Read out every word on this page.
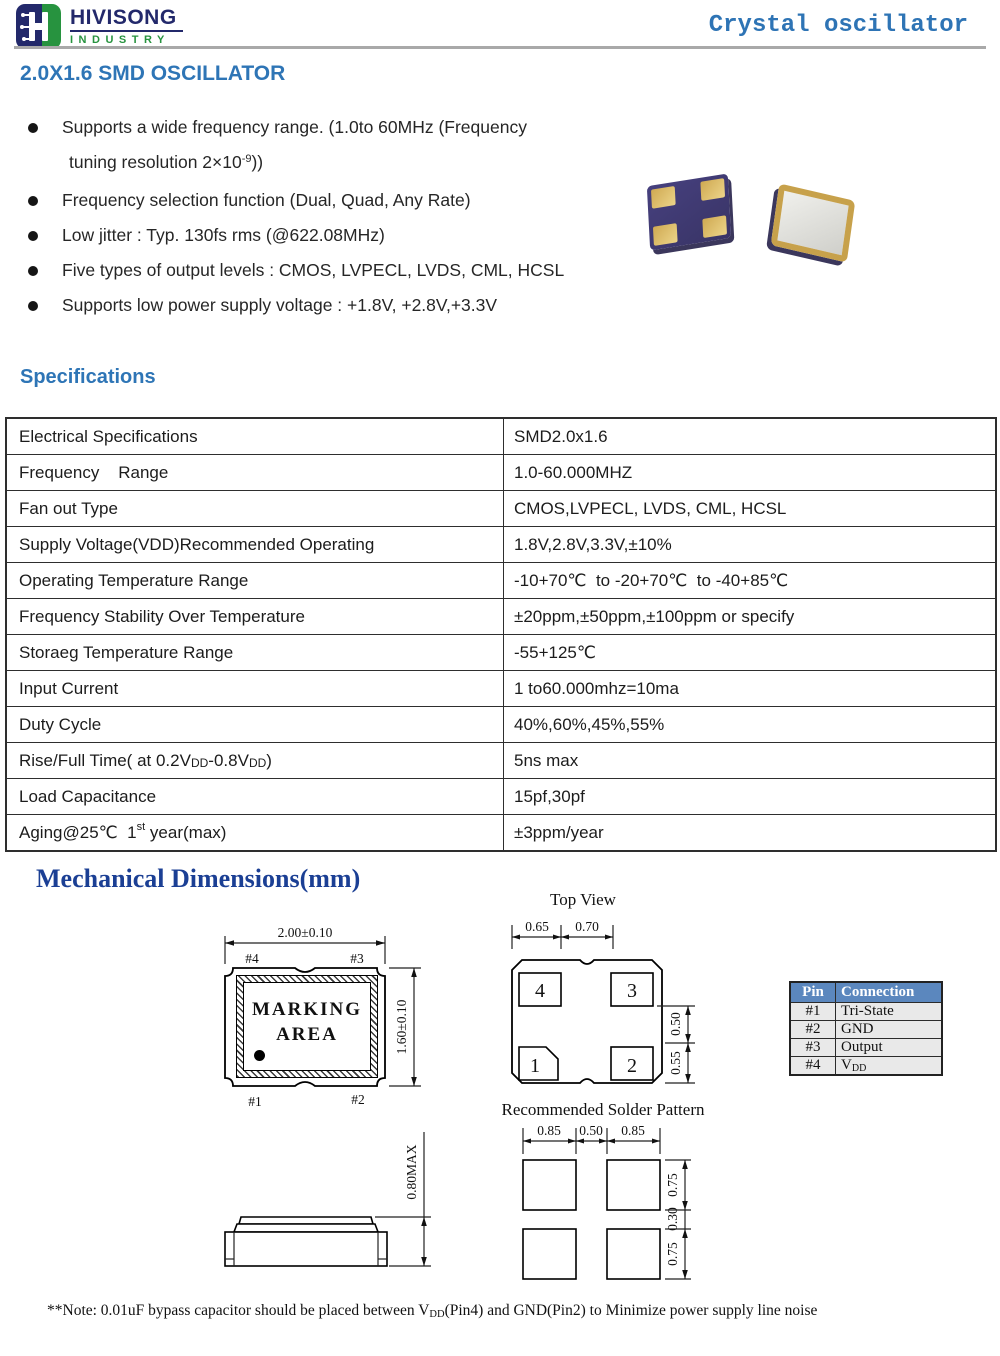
HIVISONG
INDUSTRY
Crystal oscillator
2.0X1.6 SMD OSCILLATOR
Supports a wide frequency range. (1.0to 60MHz (Frequency
tuning resolution $2\times 10^{-9}$))
Frequency selection function (Dual, Quad, Any Rate)
Low jitter : Typ. 130fs rms (@622.08MHz)
Five types of output levels : CMOS, LVPECL, LVDS, CML, HCSL
Supports low power supply voltage : +1.8V, +2.8V,+3.3V
Specifications
Electrical Specifications	SMD2.0x1.6
Frequency    Range	1.0-60.000MHZ
Fan out Type	CMOS,LVPECL, LVDS, CML, HCSL
Supply Voltage(VDD)Recommended Operating	1.8V,2.8V,3.3V,±10%
Operating Temperature Range	-10+70℃  to -20+70℃  to -40+85℃
Frequency Stability Over Temperature	±20ppm,±50ppm,±100ppm or specify
Storaeg Temperature Range	-55+125℃
Input Current	1 to60.000mhz=10ma
Duty Cycle	40%,60%,45%,55%
Rise/Full Time( at 0.2V DD -0.8V DD )	5ns max
Load Capacitance	15pf,30pf
Aging@25℃  1 st year(max)	±3ppm/year
Mechanical Dimensions(mm)
2.00±0.10
#4	#3
#1	#2
1.60±0.10
MARKING
AREA
0.80MAX
Top View
0.65 0.70
4	3
1	2
0.50
0.55
Pin	Connection
#1	Tri-State
#2	GND
#3	Output
#4	VDD
Recommended Solder Pattern
0.85 0.50 0.85
0.75
0.30
0.75
**Note: 0.01uF bypass capacitor should be placed between VDD(Pin4) and GND(Pin2) to Minimize power supply line noise
